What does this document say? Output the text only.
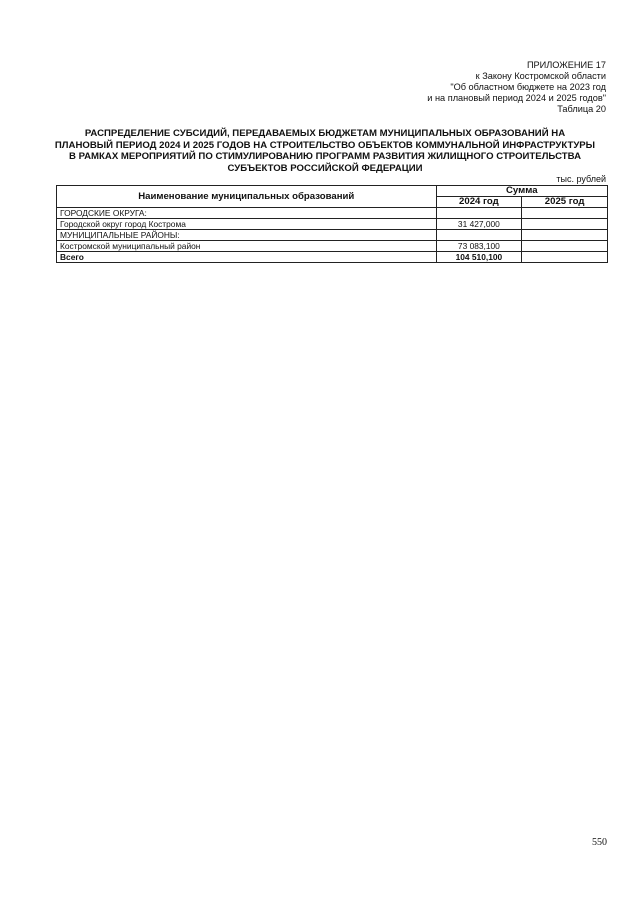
ПРИЛОЖЕНИЕ 17
к Закону Костромской области
"Об областном бюджете на 2023 год
и на плановый период 2024 и 2025 годов"
Таблица 20
РАСПРЕДЕЛЕНИЕ СУБСИДИЙ, ПЕРЕДАВАЕМЫХ БЮДЖЕТАМ МУНИЦИПАЛЬНЫХ ОБРАЗОВАНИЙ НА
ПЛАНОВЫЙ ПЕРИОД 2024 И 2025 ГОДОВ НА СТРОИТЕЛЬСТВО ОБЪЕКТОВ КОММУНАЛЬНОЙ ИНФРАСТРУКТУРЫ
В РАМКАХ МЕРОПРИЯТИЙ ПО СТИМУЛИРОВАНИЮ ПРОГРАММ РАЗВИТИЯ ЖИЛИЩНОГО СТРОИТЕЛЬСТВА
СУБЪЕКТОВ РОССИЙСКОЙ ФЕДЕРАЦИИ
тыс. рублей
Наименование муниципальных образований	Сумма	
	2024 год	2025 год
ГОРОДСКИЕ ОКРУГА:		
Городской округ город Кострома	31 427,000	
МУНИЦИПАЛЬНЫЕ РАЙОНЫ:		
Костромской муниципальный район	73 083,100	
Всего	104 510,100	
550
